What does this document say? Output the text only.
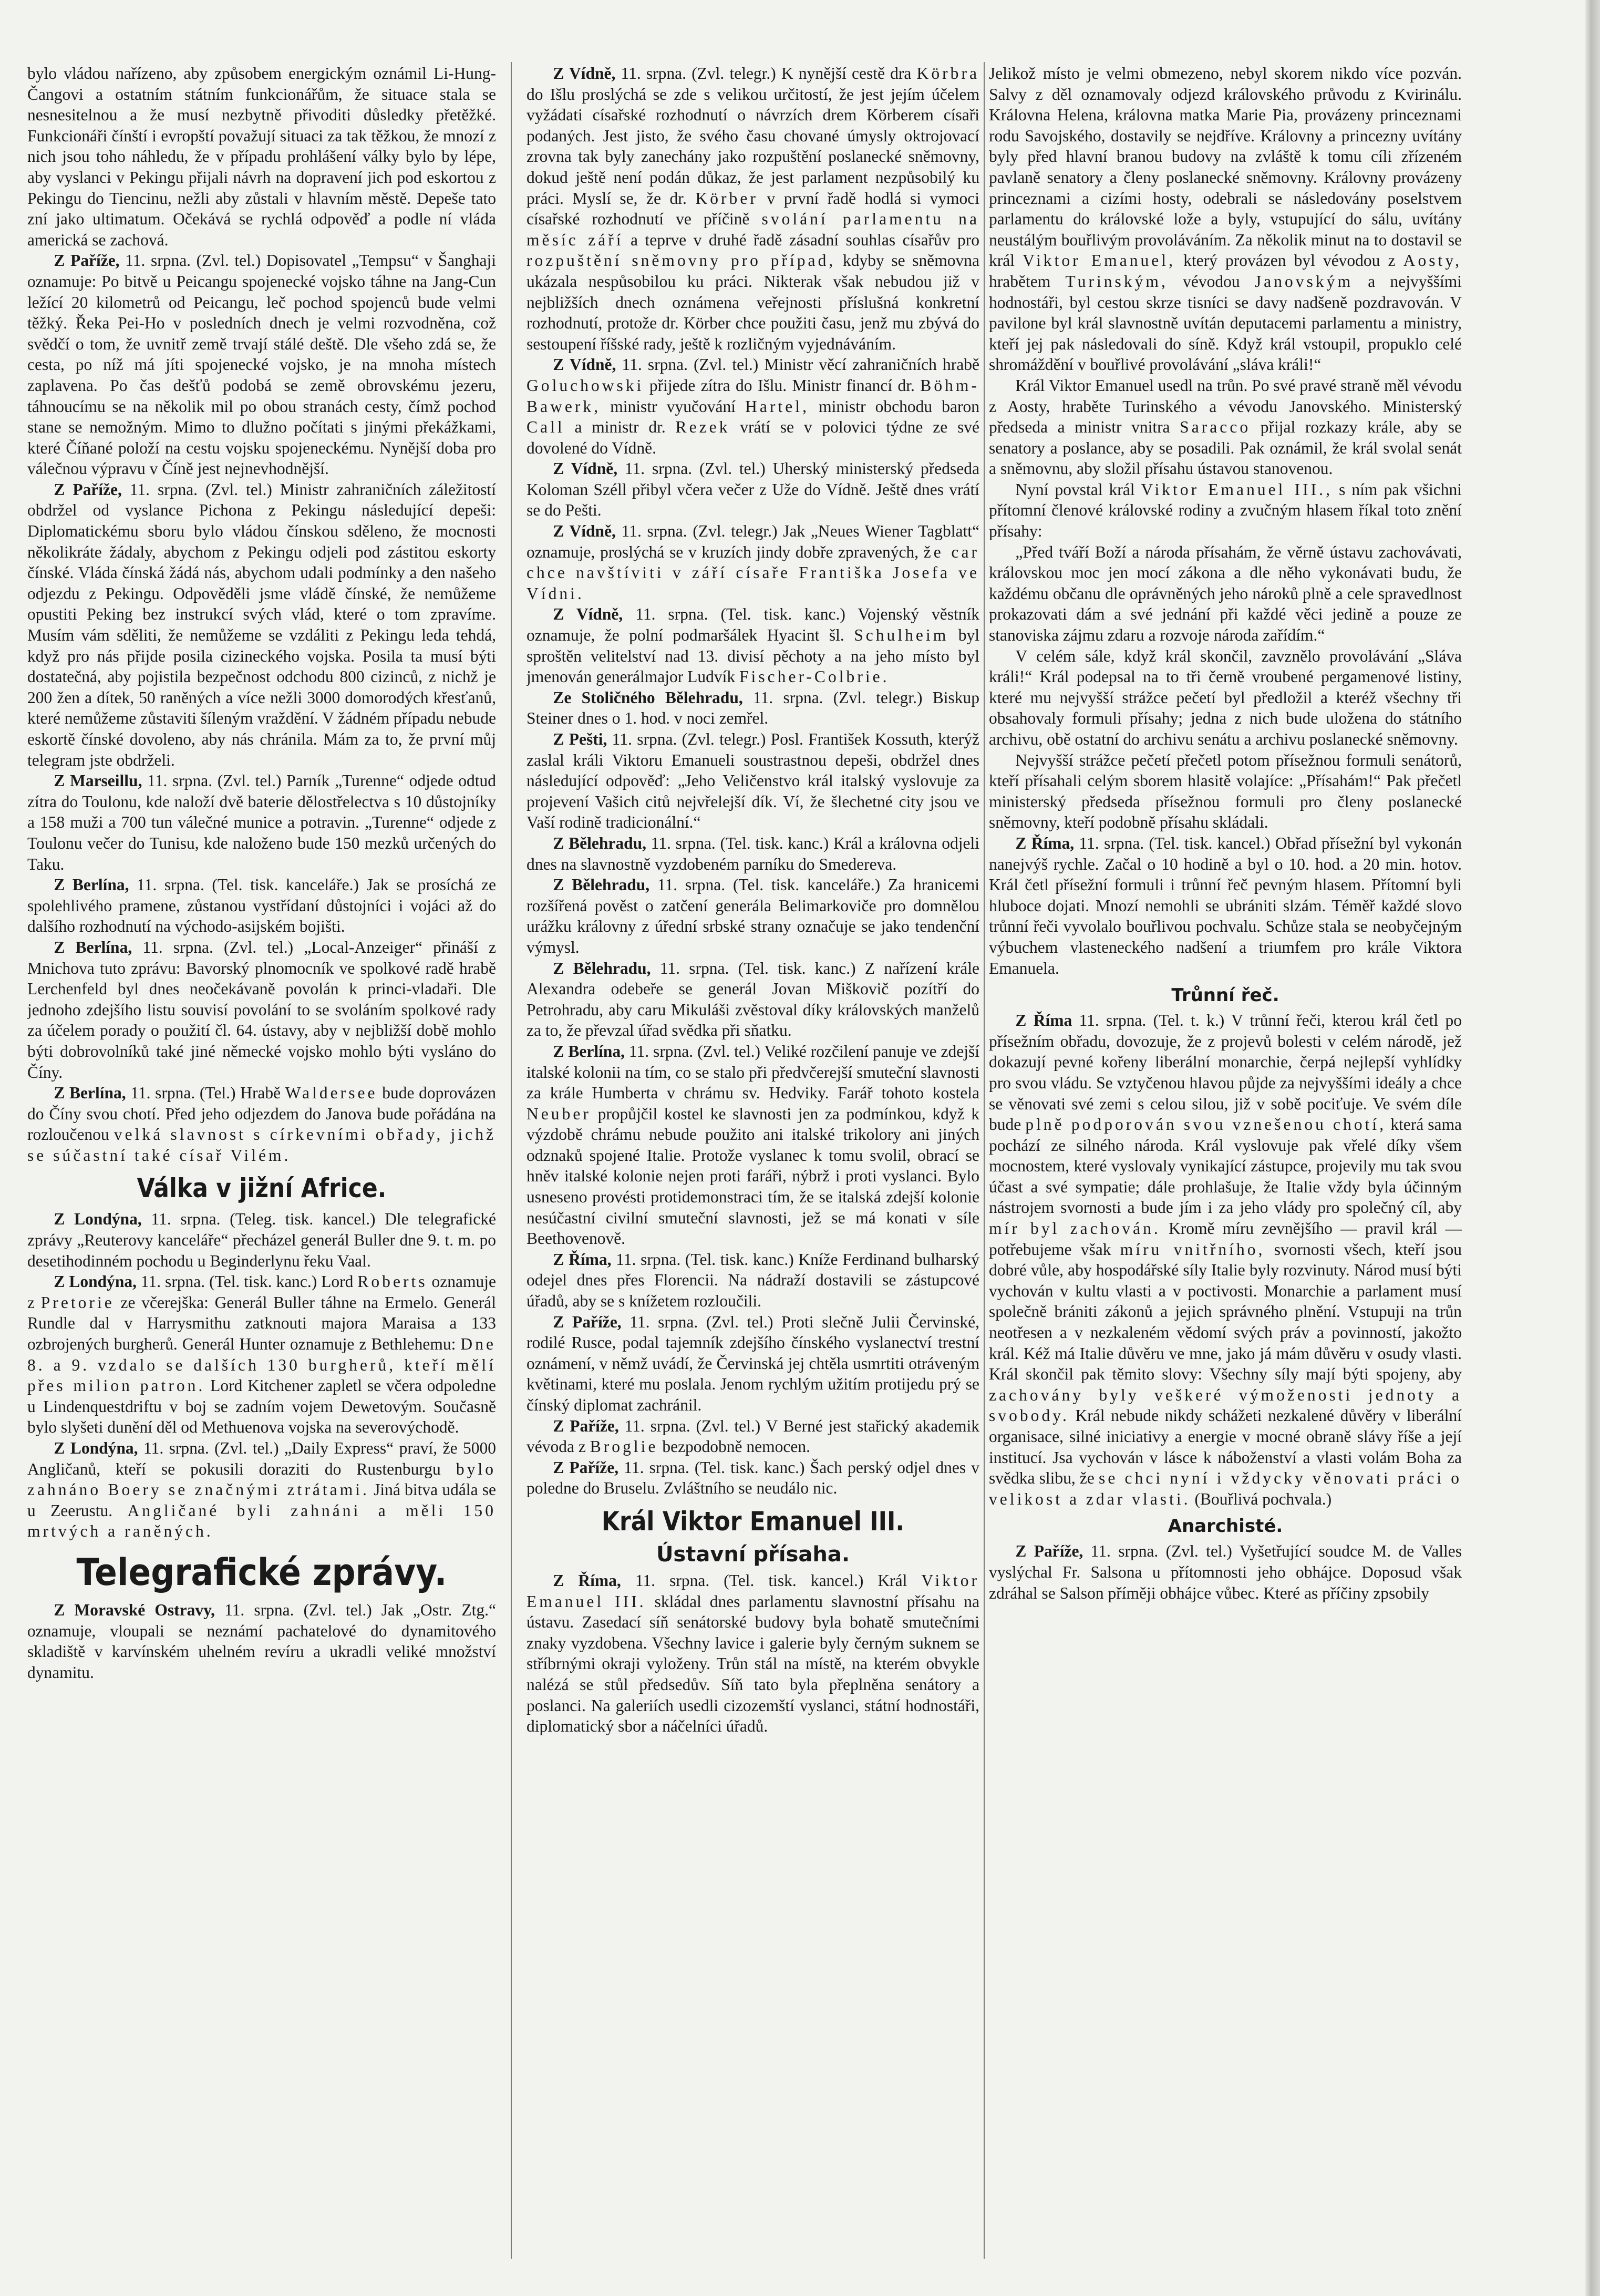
bylo vládou nařízeno, aby způsobem energickým oznámil Li-Hung-Čangovi a ostatním státním funkcionářům, že situace stala se nesnesitelnou a že musí nezbytně přivoditi důsledky přetěžké. Funkcionáři čínští i evropští považují situaci za tak těžkou, že mnozí z nich jsou toho náhledu, že v případu prohlášení války bylo by lépe, aby vyslanci v Pekingu přijali návrh na dopravení jich pod eskortou z Pekingu do Tiencinu, nežli aby zůstali v hlavním městě. Depeše tato zní jako ultimatum. Očekává se rychlá odpověď a podle ní vláda americká se zachová.

Z Paříže, 11. srpna. (Zvl. tel.) Dopisovatel „Tempsu“ v Šanghaji oznamuje: Po bitvě u Peicangu spojenecké vojsko táhne na Jang-Cun ležící 20 kilometrů od Peicangu, leč pochod spojenců bude velmi těžký. Řeka Pei-Ho v posledních dnech je velmi rozvodněna, což svědčí o tom, že uvnitř země trvají stálé deště. Dle všeho zdá se, že cesta, po níž má jíti spojenecké vojsko, je na mnoha místech zaplavena. Po čas dešťů podobá se země obrovskému jezeru, táhnoucímu se na několik mil po obou stranách cesty, čímž pochod stane se nemožným. Mimo to dlužno počítati s jinými překážkami, které Číňané položí na cestu vojsku spojeneckému. Nynější doba pro válečnou výpravu v Číně jest nejnevhodnější.

Z Paříže, 11. srpna. (Zvl. tel.) Ministr zahraničních záležitostí obdržel od vyslance Pichona z Pekingu následující depeši: Diplomatickému sboru bylo vládou čínskou sděleno, že mocnosti několikráte žádaly, abychom z Pekingu odjeli pod zástitou eskorty čínské. Vláda čínská žádá nás, abychom udali podmínky a den našeho odjezdu z Pekingu. Odpověděli jsme vládě čínské, že nemůžeme opustiti Peking bez instrukcí svých vlád, které o tom zpravíme. Musím vám sděliti, že nemůžeme se vzdáliti z Pekingu leda tehdá, když pro nás přijde posila cizineckého vojska. Posila ta musí býti dostatečná, aby pojistila bezpečnost odchodu 800 cizinců, z nichž je 200 žen a dítek, 50 raněných a více nežli 3000 domorodých křesťanů, které nemůžeme zůstaviti šíleným vraždění. V žádném případu nebude eskortě čínské dovoleno, aby nás chránila. Mám za to, že první můj telegram jste obdrželi.

Z Marseillu, 11. srpna. (Zvl. tel.) Parník „Turenne“ odjede odtud zítra do Toulonu, kde naloží dvě baterie dělostřelectva s 10 důstojníky a 158 muži a 700 tun válečné munice a potravin. „Turenne“ odjede z Toulonu večer do Tunisu, kde naloženo bude 150 mezků určených do Taku.

Z Berlína, 11. srpna. (Tel. tisk. kanceláře.) Jak se prosíchá ze spolehlivého pramene, zůstanou vystřídaní důstojníci i vojáci až do dalšího rozhodnutí na východo-asijském bojišti.

Z Berlína, 11. srpna. (Zvl. tel.) „Local-Anzeiger“ přináší z Mnichova tuto zprávu: Bavorský plnomocník ve spolkové radě hrabě Lerchenfeld byl dnes neočekávaně povolán k princi-vladaři. Dle jednoho zdejšího listu souvisí povolání to se svoláním spolkové rady za účelem porady o použití čl. 64. ústavy, aby v nejbližší době mohlo býti dobrovolníků také jiné německé vojsko mohlo býti vysláno do Číny.

Z Berlína, 11. srpna. (Tel.) Hrabě Waldersee bude doprovázen do Číny svou chotí. Před jeho odjezdem do Janova bude pořádána na rozloučenou velká slavnost s církevními obřady, jichž se súčastní také císař Vilém.

Válka v jižní Africe.

Z Londýna, 11. srpna. (Teleg. tisk. kancel.) Dle telegrafické zprávy „Reuterovy kanceláře“ přecházel generál Buller dne 9. t. m. po desetihodinném pochodu u Beginderlynu řeku Vaal.

Z Londýna, 11. srpna. (Tel. tisk. kanc.) Lord Roberts oznamuje z Pretorie ze včerejška: Generál Buller táhne na Ermelo. Generál Rundle dal v Harrysmithu zatknouti majora Maraisa a 133 ozbrojených burgherů. Generál Hunter oznamuje z Bethlehemu: Dne 8. a 9. vzdalo se dalších 130 burgherů, kteří mělí přes milion patron. Lord Kitchener zapletl se včera odpoledne u Lindenquestdriftu v boj se zadním vojem Dewetovým. Současně bylo slyšeti dunění děl od Methuenova vojska na severovýchodě.

Z Londýna, 11. srpna. (Zvl. tel.) „Daily Express“ praví, že 5000 Angličanů, kteří se pokusili doraziti do Rustenburgu bylo zahnáno Boery se značnými ztrátami. Jiná bitva udála se u Zeerustu. Angličané byli zahnáni a měli 150 mrtvých a raněných.

Telegrafické zprávy.

Z Moravské Ostravy, 11. srpna. (Zvl. tel.) Jak „Ostr. Ztg.“ oznamuje, vloupali se neznámí pachatelové do dynamitového skladiště v karvínském uhelném revíru a ukradli veliké množství dynamitu.

Z Vídně, 11. srpna. (Zvl. telegr.) K nynější cestě dra Körbra do Išlu proslýchá se zde s velikou určitostí, že jest jejím účelem vyžádati císařské rozhodnutí o návrzích drem Körberem císaři podaných. Jest jisto, že svého času chované úmysly oktrojovací zrovna tak byly zanechány jako rozpuštění poslanecké sněmovny, dokud ještě není podán důkaz, že jest parlament nezpůsobilý ku práci. Myslí se, že dr. Körber v první řadě hodlá si vymoci císařské rozhodnutí ve příčině svolání parlamentu na měsíc září a teprve v druhé řadě zásadní souhlas císařův pro rozpuštění sněmovny pro případ, kdyby se sněmovna ukázala nespůsobilou ku práci. Nikterak však nebudou již v nejbližších dnech oznámena veřejnosti příslušná konkretní rozhodnutí, protože dr. Körber chce použiti času, jenž mu zbývá do sestoupení říšské rady, ještě k rozličným vyjednáváním.

Z Vídně, 11. srpna. (Zvl. tel.) Ministr věcí zahraničních hrabě Goluchowski přijede zítra do Išlu. Ministr financí dr. Böhm-Bawerk, ministr vyučování Hartel, ministr obchodu baron Call a ministr dr. Rezek vrátí se v polovici týdne ze své dovolené do Vídně.

Z Vídně, 11. srpna. (Zvl. tel.) Uherský ministerský předseda Koloman Széll přibyl včera večer z Uže do Vídně. Ještě dnes vrátí se do Pešti.

Z Vídně, 11. srpna. (Zvl. telegr.) Jak „Neues Wiener Tagblatt“ oznamuje, proslýchá se v kruzích jindy dobře zpravených, že car chce navštíviti v září císaře Františka Josefa ve Vídni.

Z Vídně, 11. srpna. (Tel. tisk. kanc.) Vojenský věstník oznamuje, že polní podmaršálek Hyacint šl. Schulheim byl sproštěn velitelství nad 13. divisí pěchoty a na jeho místo byl jmenován generálmajor Ludvík Fischer-Colbrie.

Ze Stoličného Bělehradu, 11. srpna. (Zvl. telegr.) Biskup Steiner dnes o 1. hod. v noci zemřel.

Z Pešti, 11. srpna. (Zvl. telegr.) Posl. František Kossuth, kterýž zaslal králi Viktoru Emanueli soustrastnou depeši, obdržel dnes následující odpověď: „Jeho Veličenstvo král italský vyslovuje za projevení Vašich citů nejvřelejší dík. Ví, že šlechetné city jsou ve Vaší rodině tradicionální.“

Z Bělehradu, 11. srpna. (Tel. tisk. kanc.) Král a královna odjeli dnes na slavnostně vyzdobeném parníku do Smederevа.

Z Bělehradu, 11. srpna. (Tel. tisk. kanceláře.) Za hranicemi rozšířená pověst o zatčení generála Belimarkoviče pro domnělou urážku královny z úřední srbské strany označuje se jako tendenční výmysl.

Z Bělehradu, 11. srpna. (Tel. tisk. kanc.) Z nařízení krále Alexandra odebeře se generál Jovan Miškovič pozítří do Petrohradu, aby caru Mikuláši zvěstoval díky královských manželů za to, že převzal úřad svědka při sňatku.

Z Berlína, 11. srpna. (Zvl. tel.) Veliké rozčilení panuje ve zdejší italské kolonii na tím, co se stalo při předvčerejší smuteční slavnosti za krále Humberta v chrámu sv. Hedviky. Farář tohoto kostela Neuber propůjčil kostel ke slavnosti jen za podmínkou, když k výzdobě chrámu nebude použito ani italské trikolory ani jiných odznaků spojené Italie. Protože vyslanec k tomu svolil, obrací se hněv italské kolonie nejen proti faráři, nýbrž i proti vyslanci. Bylo usneseno provésti protidemonstraci tím, že se italská zdejší kolonie nesúčastní civilní smuteční slavnosti, jež se má konati v síle Beethovenově.

Z Říma, 11. srpna. (Tel. tisk. kanc.) Kníže Ferdinand bulharský odejel dnes přes Florencii. Na nádraží dostavili se zástupcové úřadů, aby se s knížetem rozloučili.

Z Paříže, 11. srpna. (Zvl. tel.) Proti slečně Julii Červinské, rodilé Rusce, podal tajemník zdejšího čínského vyslanectví trestní oznámení, v němž uvádí, že Červinská jej chtěla usmrtiti otráveným květinami, které mu poslala. Jenom rychlým užitím protijedu prý se čínský diplomat zachránil.

Z Paříže, 11. srpna. (Zvl. tel.) V Berné jest stařický akademik vévoda z Broglie bezpodobně nemocen.

Z Paříže, 11. srpna. (Tel. tisk. kanc.) Šach perský odjel dnes v poledne do Bruselu. Zvláštního se neudálo nic.

Král Viktor Emanuel III.
Ústavní přísaha.

Z Říma, 11. srpna. (Tel. tisk. kancel.) Král Viktor Emanuel III. skládal dnes parlamentu slavnostní přísahu na ústavu. Zasedací síň senátorské budovy byla bohatě smutečními znaky vyzdobena. Všechny lavice i galerie byly černým suknem se stříbrnými okraji vyloženy. Trůn stál na místě, na kterém obvykle nalézá se stůl předsedův. Síň tato byla přeplněna senátory a poslanci. Na galeriích usedli cizozemští vyslanci, státní hodnostáři, diplomatický sbor a náčelníci úřadů.

Jelikož místo je velmi obmezeno, nebyl skorem nikdo více pozván. Salvy z děl oznamovaly odjezd královského průvodu z Kvirinálu. Královna Helena, královna matka Marie Pia, provázeny princeznami rodu Savojského, dostavily se nejdříve. Královny a princezny uvítány byly před hlavní branou budovy na zvláště k tomu cíli zřízeném pavlaně senatory a členy poslanecké sněmovny. Královny provázeny princeznami a cizími hosty, odebrali se následovány poselstvem parlamentu do královské lože a byly, vstupující do sálu, uvítány neustálým bouřlivým provoláváním. Za několik minut na to dostavil se král Viktor Emanuel, který provázen byl vévodou z Aosty, hrabětem Turinským, vévodou Janovským a nejvyššími hodnostáři, byl cestou skrze tisníci se davy nadšeně pozdravován. V pavilone byl král slavnostně uvítán deputacemi parlamentu a ministry, kteří jej pak následovali do síně. Když král vstoupil, propuklo celé shromáždění v bouřlivé provolávání „sláva králi!“

Král Viktor Emanuel usedl na trůn. Po své pravé straně měl vévodu z Aosty, hraběte Turinského a vévodu Janovského. Ministerský předseda a ministr vnitra Saracco přijal rozkazy krále, aby se senatory a poslance, aby se posadili. Pak oznámil, že král svolal senát a sněmovnu, aby složil přísahu ústavou stanovenou.

Nyní povstal král Viktor Emanuel III., s ním pak všichni přítomní členové královské rodiny a zvučným hlasem říkal toto znění přísahy:

„Před tváří Boží a národa přísahám, že věrně ústavu zachovávati, královskou moc jen mocí zákona a dle něho vykonávati budu, že každému občanu dle oprávněných jeho nároků plně a cele spravedlnost prokazovati dám a své jednání při každé věci jedině a pouze ze stanoviska zájmu zdaru a rozvoje národa zařídím.“

V celém sále, když král skončil, zavznělo provolávání „Sláva králi!“ Král podepsal na to tři černě vroubené pergamenové listiny, které mu nejvyšší strážce pečetí byl předložil a kteréž všechny tři obsahovaly formuli přísahy; jedna z nich bude uložena do státního archivu, obě ostatní do archivu senátu a archivu poslanecké sněmovny.

Nejvyšší strážce pečetí přečetl potom přísežnou formuli senátorů, kteří přísahali celým sborem hlasitě volajíce: „Přísahám!“ Pak přečetl ministerský předseda přísežnou formuli pro členy poslanecké sněmovny, kteří podobně přísahu skládali.

Z Říma, 11. srpna. (Tel. tisk. kancel.) Obřad přísežní byl vykonán nanejvýš rychle. Začal o 10 hodině a byl o 10. hod. a 20 min. hotov. Král četl přísežní formuli i trůnní řeč pevným hlasem. Přítomní byli hluboce dojati. Mnozí nemohli se ubrániti slzám. Téměř každé slovo trůnní řeči vyvolalo bouřlivou pochvalu. Schůze stala se neobyčejným výbuchem vlasteneckého nadšení a triumfem pro krále Viktora Emanuela.

Trůnní řeč.

Z Říma 11. srpna. (Tel. t. k.) V trůnní řeči, kterou král četl po přísežním obřadu, dovozuje, že z projevů bolesti v celém národě, jež dokazují pevné kořeny liberální monarchie, čerpá nejlepší vyhlídky pro svou vládu. Se vztyčenou hlavou půjde za nejvyššími ideály a chce se věnovati své zemi s celou silou, již v sobě pociťuje. Ve svém díle bude plně podporován svou vznešenou chotí, která sama pochází ze silného národa. Král vyslovuje pak vřelé díky všem mocnostem, které vyslovaly vynikající zástupce, projevily mu tak svou účast a své sympatie; dále prohlašuje, že Italie vždy byla účinným nástrojem svornosti a bude jím i za jeho vlády pro společný cíl, aby mír byl zachován. Kromě míru zevnějšího — pravil král — potřebujeme však míru vnitřního, svornosti všech, kteří jsou dobré vůle, aby hospodářské síly Italie byly rozvinuty. Národ musí býti vychován v kultu vlasti a v poctivosti. Monarchie a parlament musí společně brániti zákonů a jejich správného plnění. Vstupuji na trůn neotřesen a v nezkaleném vědomí svých práv a povinností, jakožto král. Kéž má Italie důvěru ve mne, jako já mám důvěru v osudy vlasti. Král skončil pak těmito slovy: Všechny síly mají býti spojeny, aby zachovány byly veškeré výmoženosti jednoty a svobody. Král nebude nikdy schážeti nezkalené důvěry v liberální organisace, silné iniciativy a energie v mocné obraně slávy říše a její institucí. Jsa vychován v lásce k náboženství a vlasti volám Boha za svědka slibu, že se chci nyní i vždycky věnovati práci o velikost a zdar vlasti. (Bouřlivá pochvala.)

Anarchisté.

Z Paříže, 11. srpna. (Zvl. tel.) Vyšetřující soudce M. de Valles vyslýchal Fr. Salsona u přítomnosti jeho obhájce. Doposud však zdráhal se Salson příměji obhájce vůbec. Které as příčiny zpsobily
